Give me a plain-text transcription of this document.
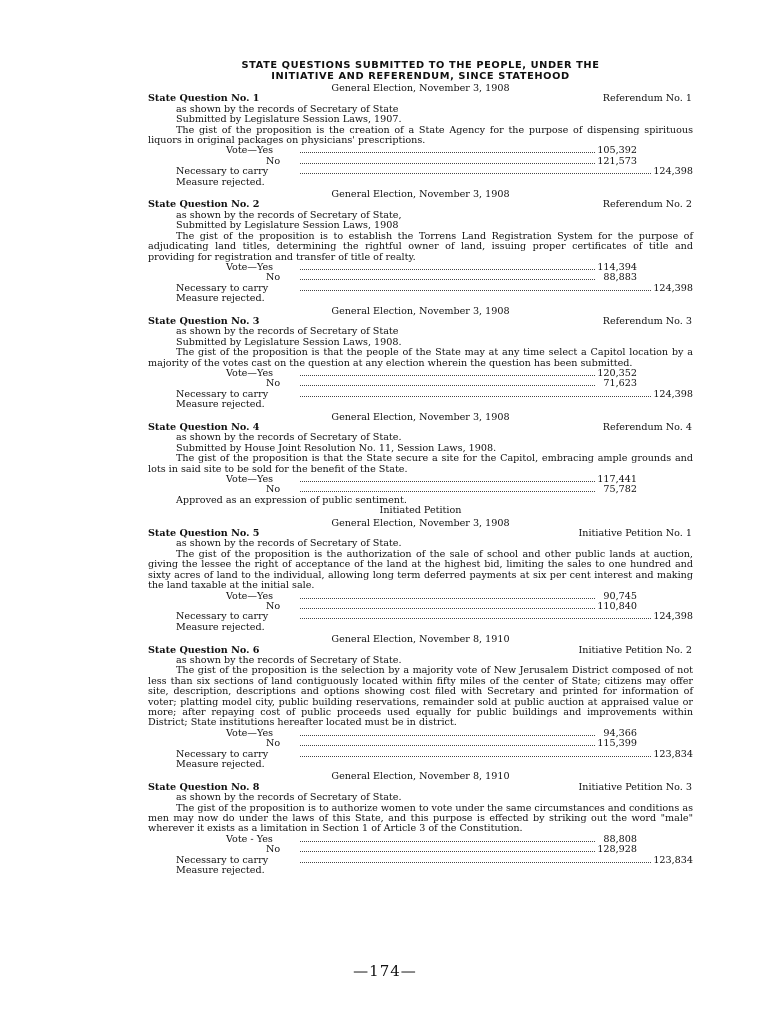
STATE QUESTIONS SUBMITTED TO THE PEOPLE, UNDER THE
INITIATIVE AND REFERENDUM, SINCE STATEHOOD
General Election, November 3, 1908
State Question No. 1	Referendum No. 1
as shown by the records of Secretary of State
Submitted by Legislature Session Laws, 1907.
The gist of the proposition is the creation of a State Agency for the purpose of dispensing spirituous liquors in original packages on physicians' prescriptions.
Vote—Yes	105,392
No	121,573
Necessary to carry	124,398
Measure rejected.
General Election, November 3, 1908
State Question No. 2	Referendum No. 2
as shown by the records of Secretary of State,
Submitted by Legislature Session Laws, 1908
The gist of the proposition is to establish the Torrens Land Registration System for the purpose of adjudicating land titles, determining the rightful owner of land, issuing proper certificates of title and providing for registration and transfer of title of realty.
Vote—Yes	114,394
No	88,883
Necessary to carry	124,398
Measure rejected.
General Election, November 3, 1908
State Question No. 3	Referendum No. 3
as shown by the records of Secretary of State
Submitted by Legislature Session Laws, 1908.
The gist of the proposition is that the people of the State may at any time select a Capitol location by a majority of the votes cast on the question at any election wherein the question has been submitted.
Vote—Yes	120,352
No	71,623
Necessary to carry	124,398
Measure rejected.
General Election, November 3, 1908
State Question No. 4	Referendum No. 4
as shown by the records of Secretary of State.
Submitted by House Joint Resolution No. 11, Session Laws, 1908.
The gist of the proposition is that the State secure a site for the Capitol, embracing ample grounds and lots in said site to be sold for the benefit of the State.
Vote—Yes	117,441
No	75,782
Approved as an expression of public sentiment.
Initiated Petition
General Election, November 3, 1908
State Question No. 5	Initiative Petition No. 1
as shown by the records of Secretary of State.
The gist of the proposition is the authorization of the sale of school and other public lands at auction, giving the lessee the right of acceptance of the land at the highest bid, limiting the sales to one hundred and sixty acres of land to the individual, allowing long term deferred payments at six per cent interest and making the land taxable at the initial sale.
Vote—Yes	90,745
No	110,840
Necessary to carry	124,398
Measure rejected.
General Election, November 8, 1910
State Question No. 6	Initiative Petition No. 2
as shown by the records of Secretary of State.
The gist of the proposition is the selection by a majority vote of New Jerusalem District composed of not less than six sections of land contiguously located within fifty miles of the center of State; citizens may offer site, description, descriptions and options showing cost filed with Secretary and printed for information of voter; platting model city, public building reservations, remainder sold at public auction at appraised value or more; after repaying cost of public proceeds used equally for public buildings and improvements within District; State institutions hereafter located must be in district.
Vote—Yes	94,366
No	115,399
Necessary to carry	123,834
Measure rejected.
General Election, November 8, 1910
State Question No. 8	Initiative Petition No. 3
as shown by the records of Secretary of State.
The gist of the proposition is to authorize women to vote under the same circumstances and conditions as men may now do under the laws of this State, and this purpose is effected by striking out the word "male" wherever it exists as a limitation in Section 1 of Article 3 of the Constitution.
Vote - Yes	88,808
No	128,928
Necessary to carry	123,834
Measure rejected.
—174—
